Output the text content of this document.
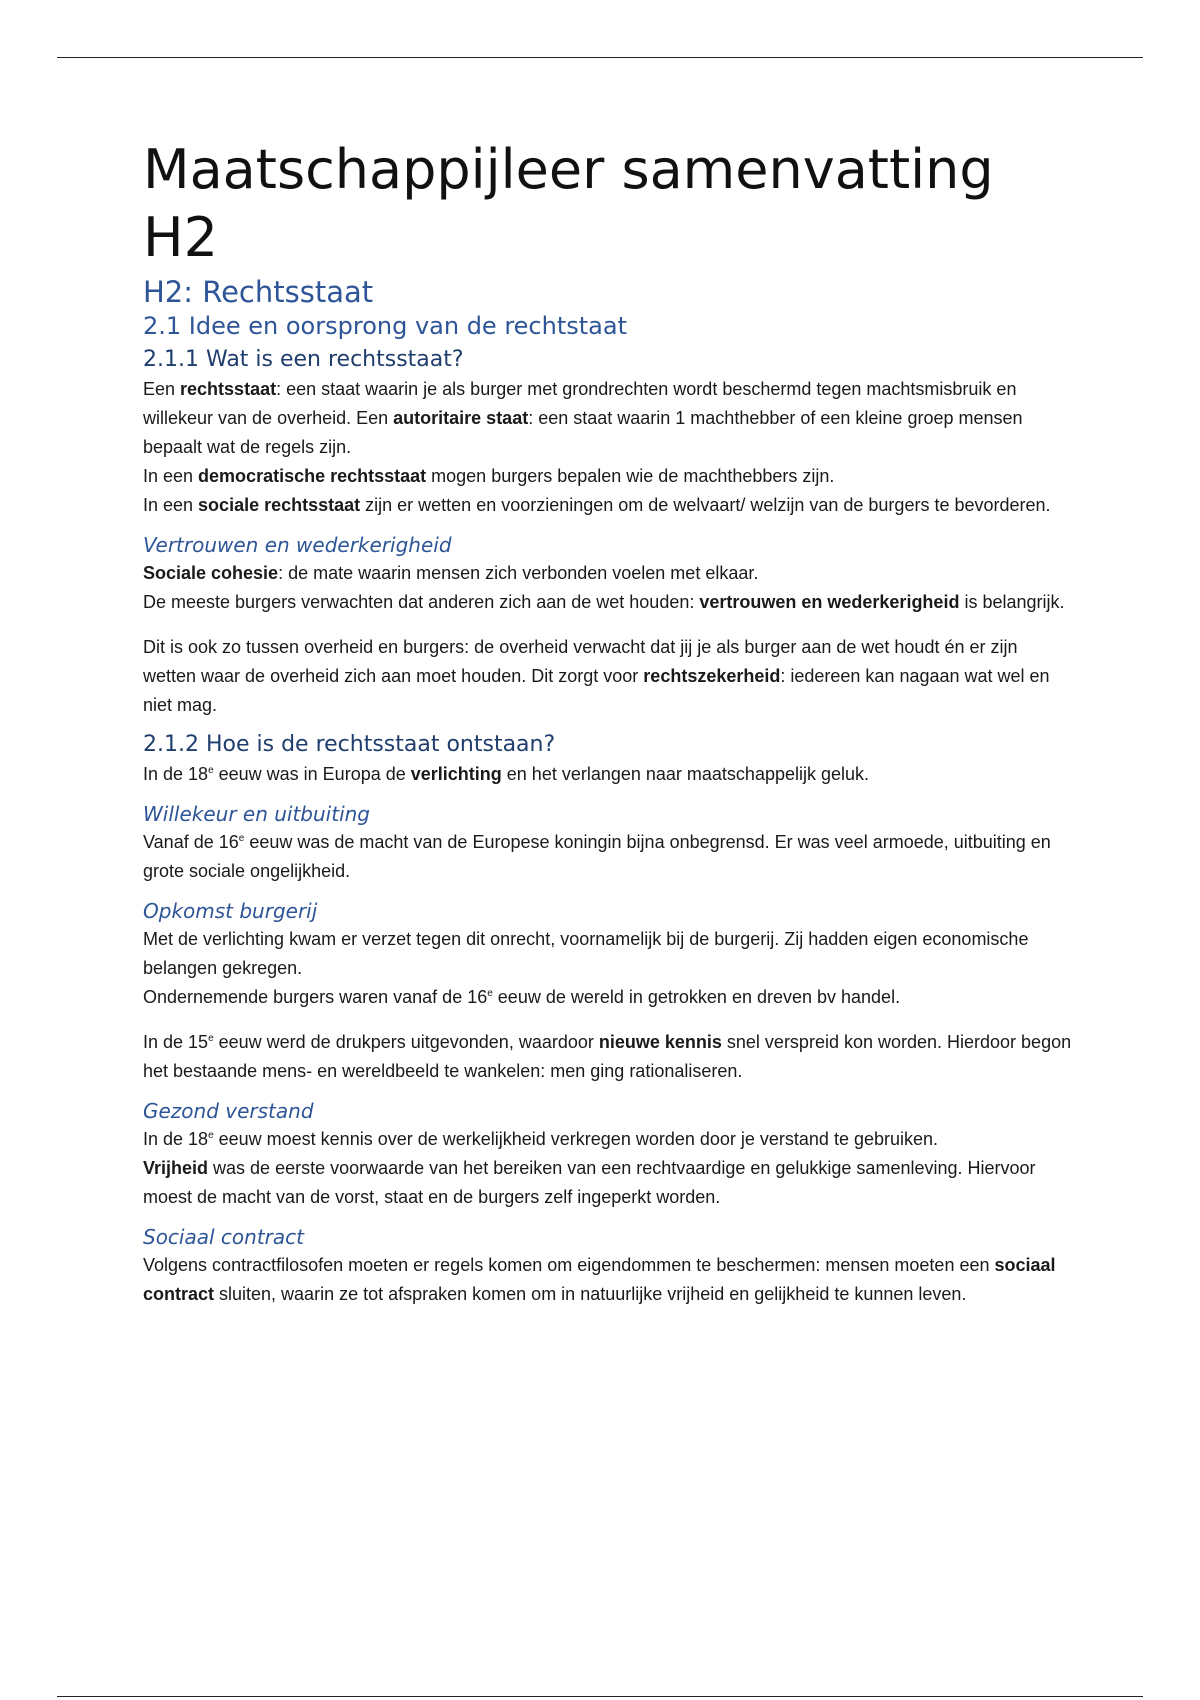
Maatschappijleer samenvatting H2
H2: Rechtsstaat
2.1 Idee en oorsprong van de rechtstaat
2.1.1 Wat is een rechtsstaat?

Een rechtsstaat: een staat waarin je als burger met grondrechten wordt beschermd tegen machtsmisbruik en willekeur van de overheid. Een autoritaire staat: een staat waarin 1 machthebber of een kleine groep mensen bepaalt wat de regels zijn.

In een democratische rechtsstaat mogen burgers bepalen wie de machthebbers zijn.

In een sociale rechtsstaat zijn er wetten en voorzieningen om de welvaart/ welzijn van de burgers te bevorderen.

Vertrouwen en wederkerigheid

Sociale cohesie: de mate waarin mensen zich verbonden voelen met elkaar.

De meeste burgers verwachten dat anderen zich aan de wet houden: vertrouwen en wederkerigheid is belangrijk.

Dit is ook zo tussen overheid en burgers: de overheid verwacht dat jij je als burger aan de wet houdt én er zijn wetten waar de overheid zich aan moet houden. Dit zorgt voor rechtszekerheid: iedereen kan nagaan wat wel en niet mag.

2.1.2 Hoe is de rechtsstaat ontstaan?

In de 18e eeuw was in Europa de verlichting en het verlangen naar maatschappelijk geluk.

Willekeur en uitbuiting

Vanaf de 16e eeuw was de macht van de Europese koningin bijna onbegrensd. Er was veel armoede, uitbuiting en grote sociale ongelijkheid.

Opkomst burgerij

Met de verlichting kwam er verzet tegen dit onrecht, voornamelijk bij de burgerij. Zij hadden eigen economische belangen gekregen.

Ondernemende burgers waren vanaf de 16e eeuw de wereld in getrokken en dreven bv handel.

In de 15e eeuw werd de drukpers uitgevonden, waardoor nieuwe kennis snel verspreid kon worden. Hierdoor begon het bestaande mens- en wereldbeeld te wankelen: men ging rationaliseren.

Gezond verstand

In de 18e eeuw moest kennis over de werkelijkheid verkregen worden door je verstand te gebruiken.

Vrijheid was de eerste voorwaarde van het bereiken van een rechtvaardige en gelukkige samenleving. Hiervoor moest de macht van de vorst, staat en de burgers zelf ingeperkt worden.

Sociaal contract

Volgens contractfilosofen moeten er regels komen om eigendommen te beschermen: mensen moeten een sociaal contract sluiten, waarin ze tot afspraken komen om in natuurlijke vrijheid en gelijkheid te kunnen leven.
